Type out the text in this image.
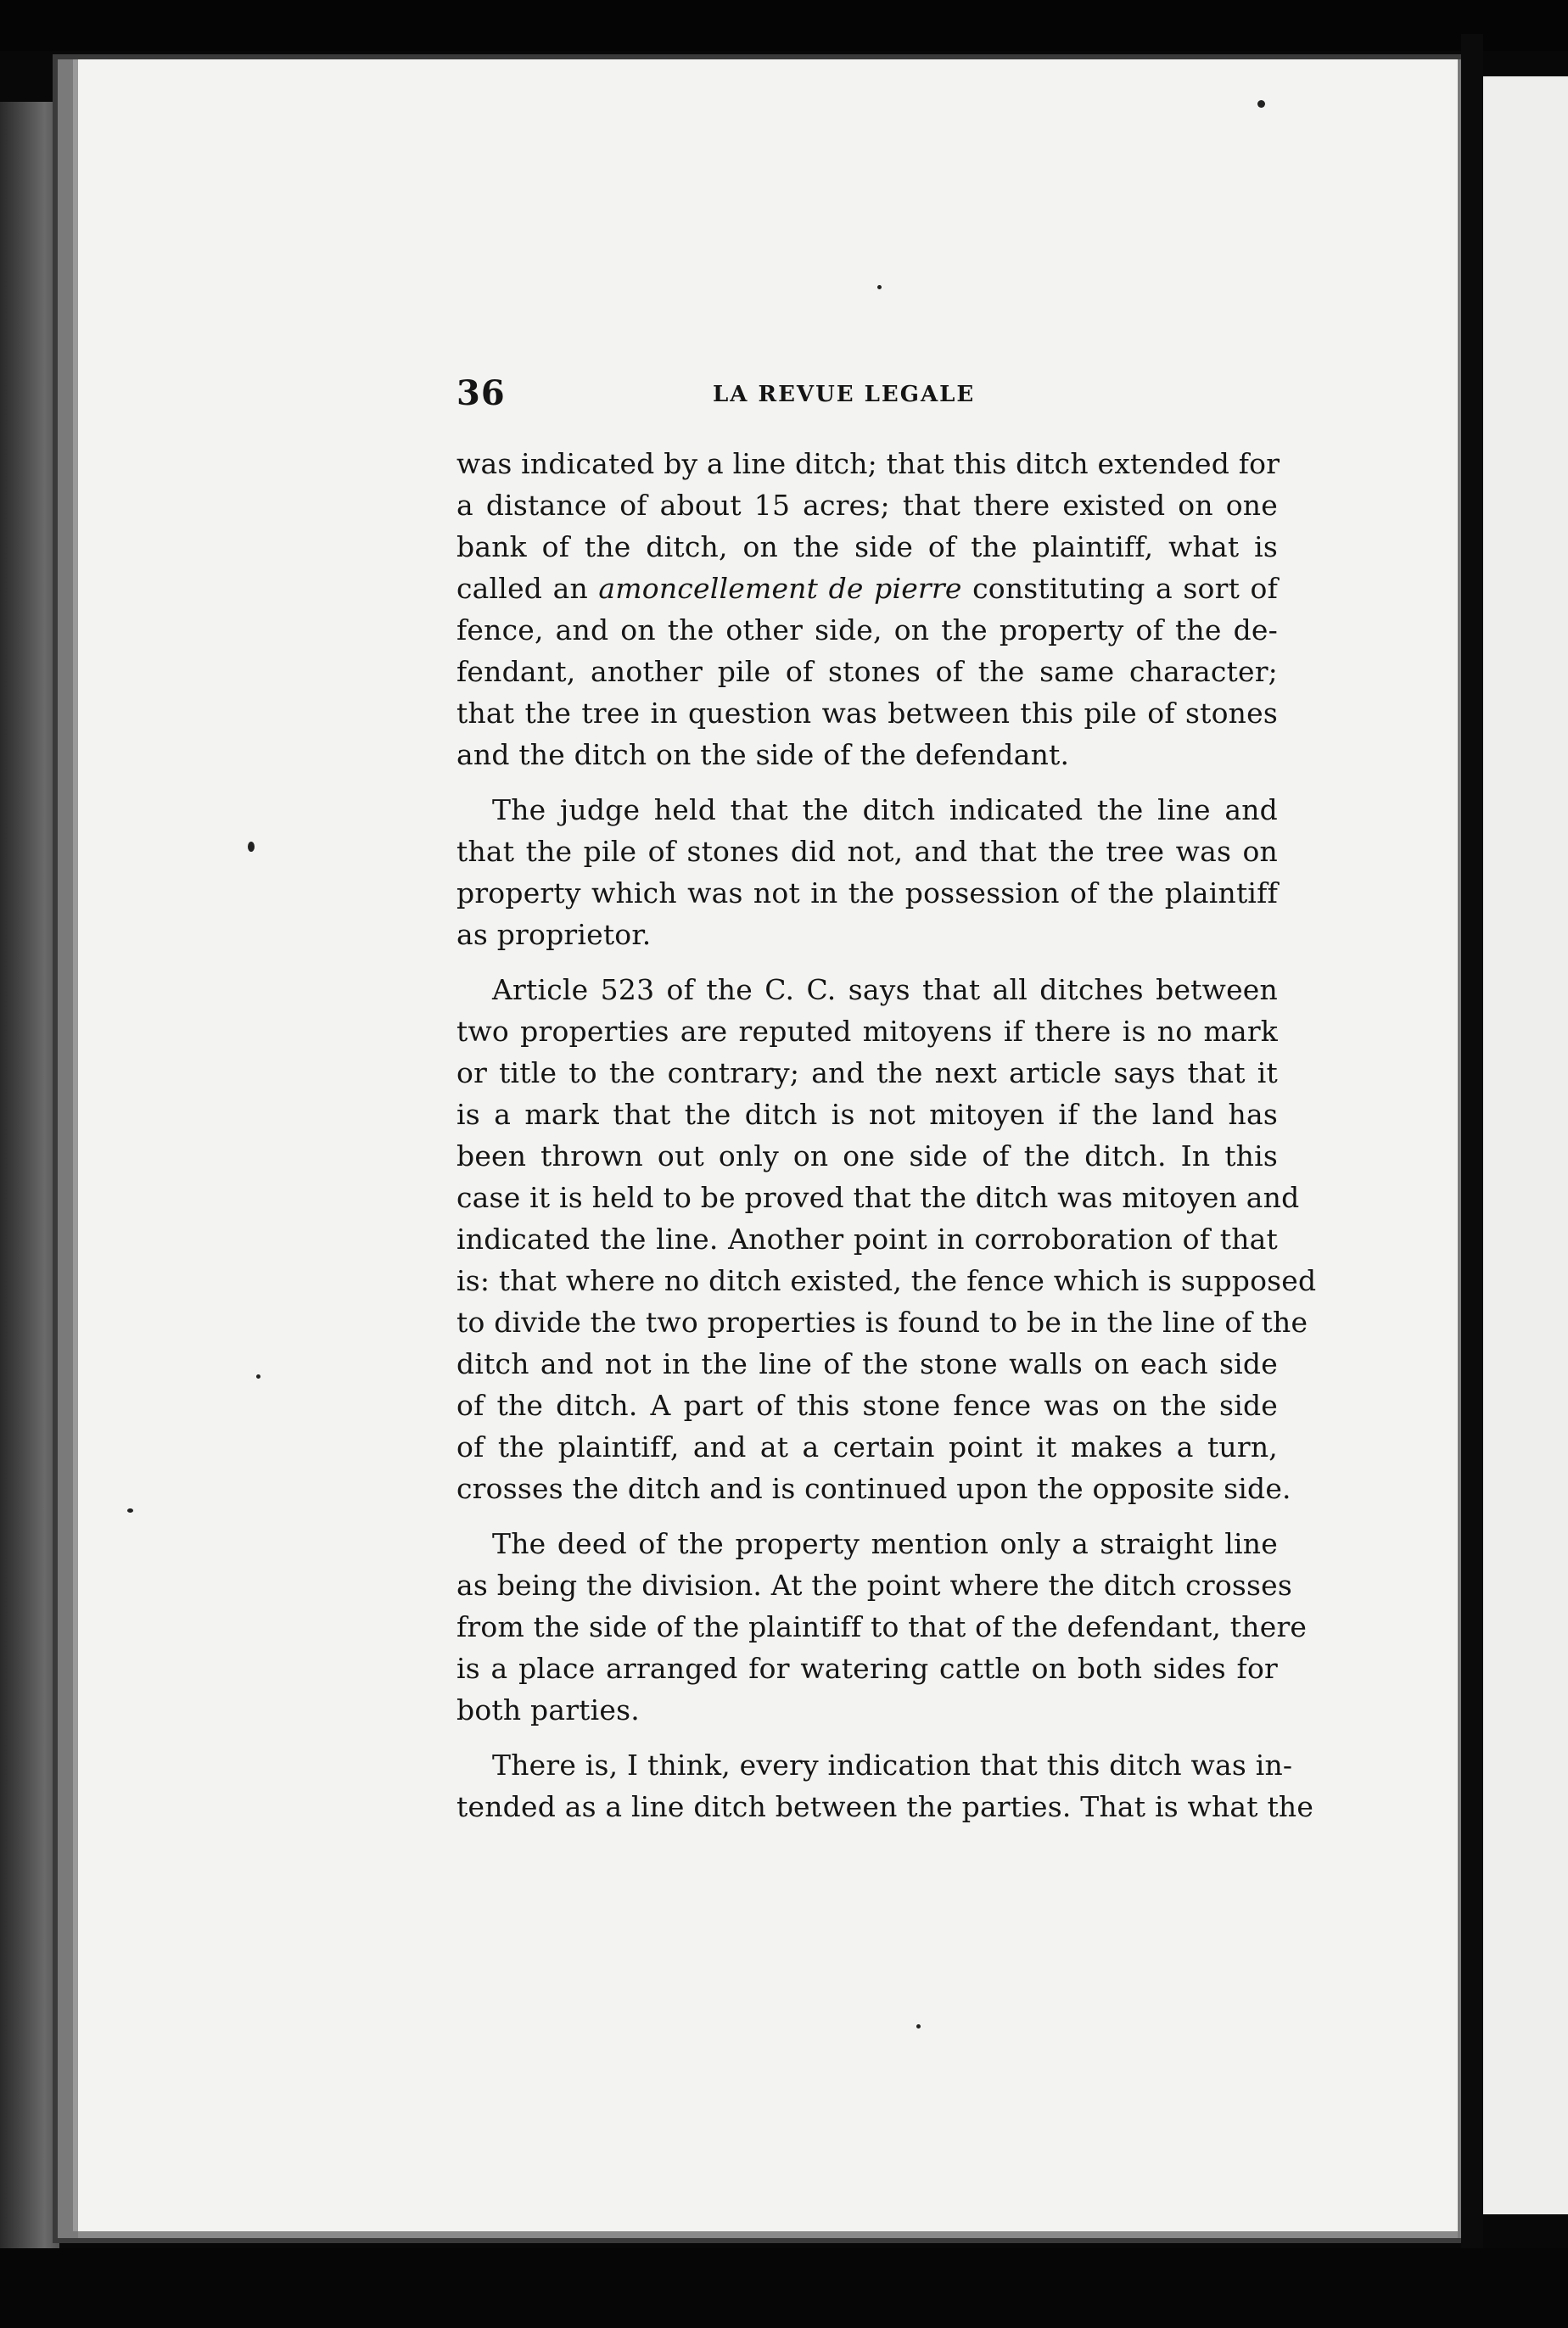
36	LA REVUE LEGALE
was indicated by a line ditch; that this ditch extended for
a distance of about 15 acres; that there existed on one
bank of the ditch, on the side of the plaintiff, what is
called an amoncellement de pierre constituting a sort of
fence, and on the other side, on the property of the de-
fendant, another pile of stones of the same character;
that the tree in question was between this pile of stones
and the ditch on the side of the defendant.
The judge held that the ditch indicated the line and
that the pile of stones did not, and that the tree was on
property which was not in the possession of the plaintiff
as proprietor.
Article 523 of the C. C. says that all ditches between
two properties are reputed mitoyens if there is no mark
or title to the contrary; and the next article says that it
is a mark that the ditch is not mitoyen if the land has
been thrown out only on one side of the ditch. In this
case it is held to be proved that the ditch was mitoyen and
indicated the line. Another point in corroboration of that
is: that where no ditch existed, the fence which is supposed
to divide the two properties is found to be in the line of the
ditch and not in the line of the stone walls on each side
of the ditch. A part of this stone fence was on the side
of the plaintiff, and at a certain point it makes a turn,
crosses the ditch and is continued upon the opposite side.
The deed of the property mention only a straight line
as being the division. At the point where the ditch crosses
from the side of the plaintiff to that of the defendant, there
is a place arranged for watering cattle on both sides for
both parties.
There is, I think, every indication that this ditch was in-
tended as a line ditch between the parties. That is what the
